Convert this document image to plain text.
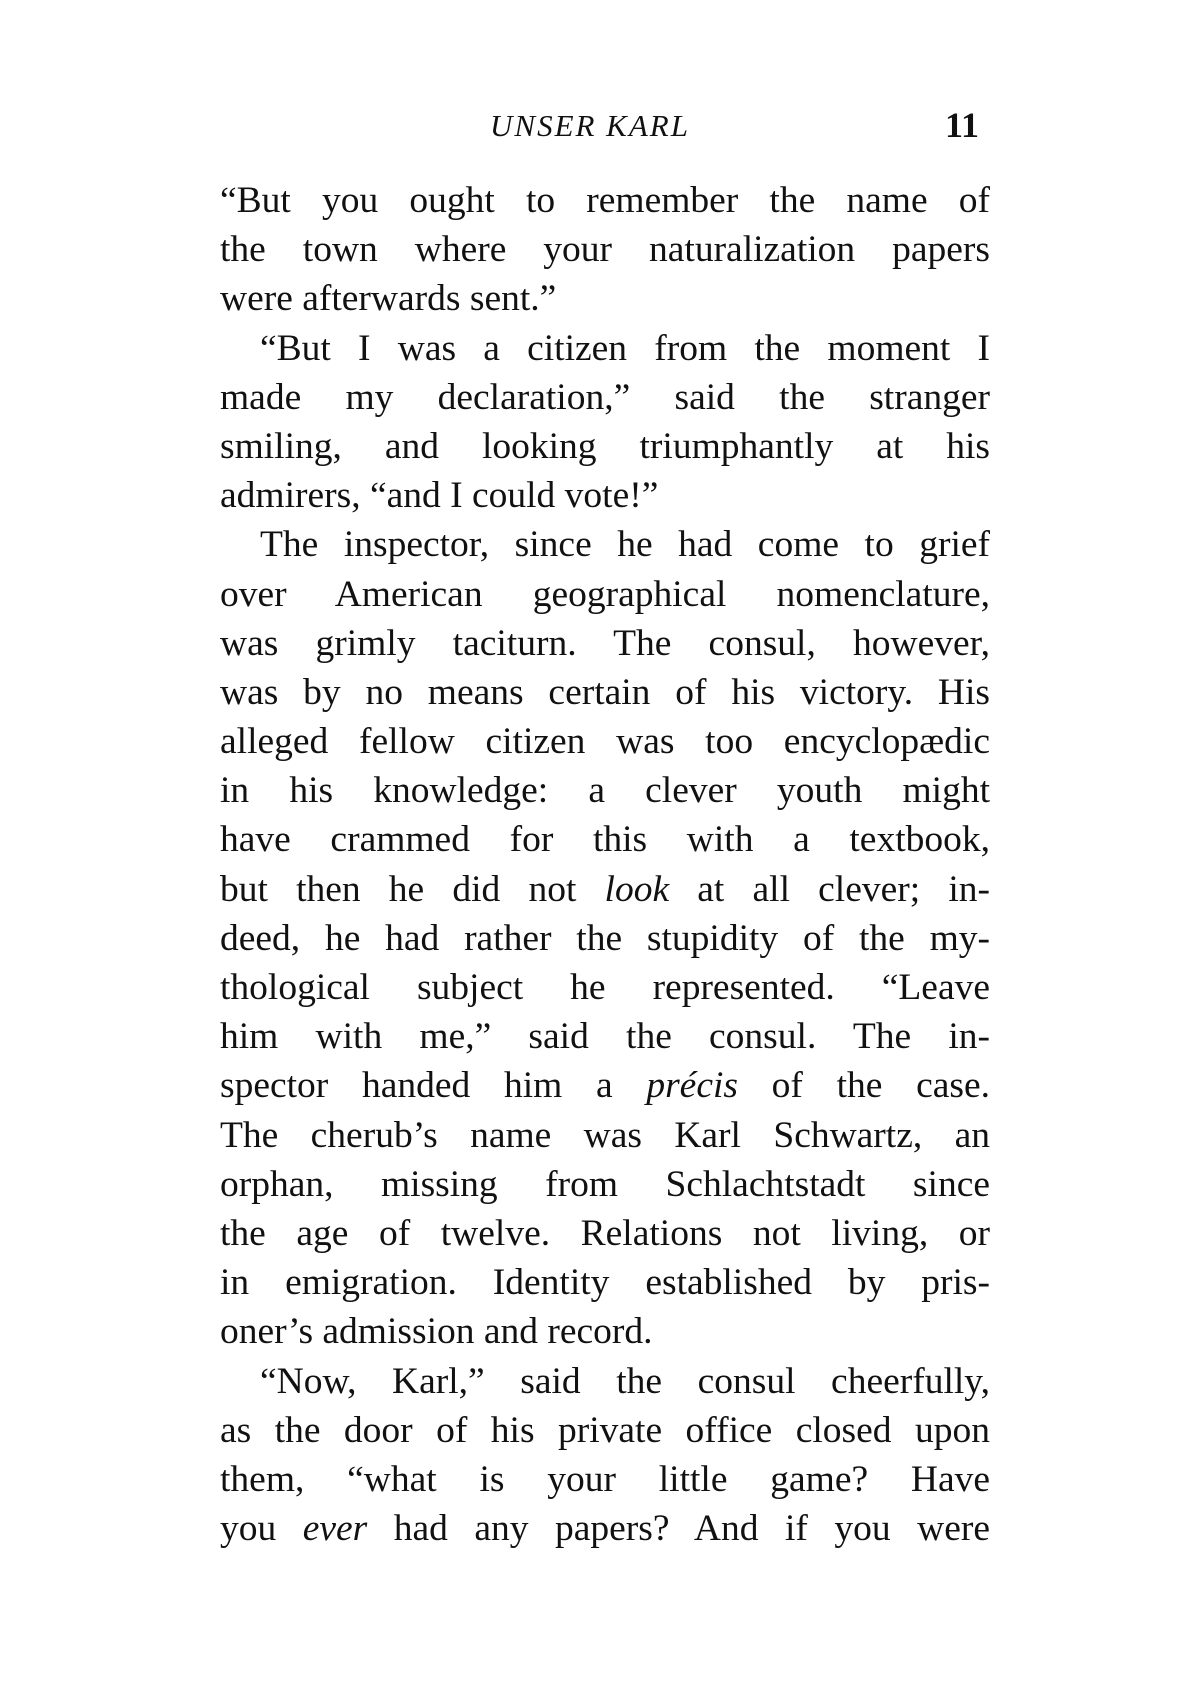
UNSER KARL	11
“But you ought to remember the name of
the town where your naturalization papers
were afterwards sent.”
“But I was a citizen from the moment I
made my declaration,” said the stranger
smiling, and looking triumphantly at his
admirers, “and I could vote!”
The inspector, since he had come to grief
over American geographical nomenclature,
was grimly taciturn. The consul, however,
was by no means certain of his victory. His
alleged fellow citizen was too encyclopædic
in his knowledge: a clever youth might
have crammed for this with a textbook,
but then he did not look at all clever; in-
deed, he had rather the stupidity of the my-
thological subject he represented. “Leave
him with me,” said the consul. The in-
spector handed him a précis of the case.
The cherub’s name was Karl Schwartz, an
orphan, missing from Schlachtstadt since
the age of twelve. Relations not living, or
in emigration. Identity established by pris-
oner’s admission and record.
“Now, Karl,” said the consul cheerfully,
as the door of his private office closed upon
them, “what is your little game? Have
you ever had any papers? And if you were
